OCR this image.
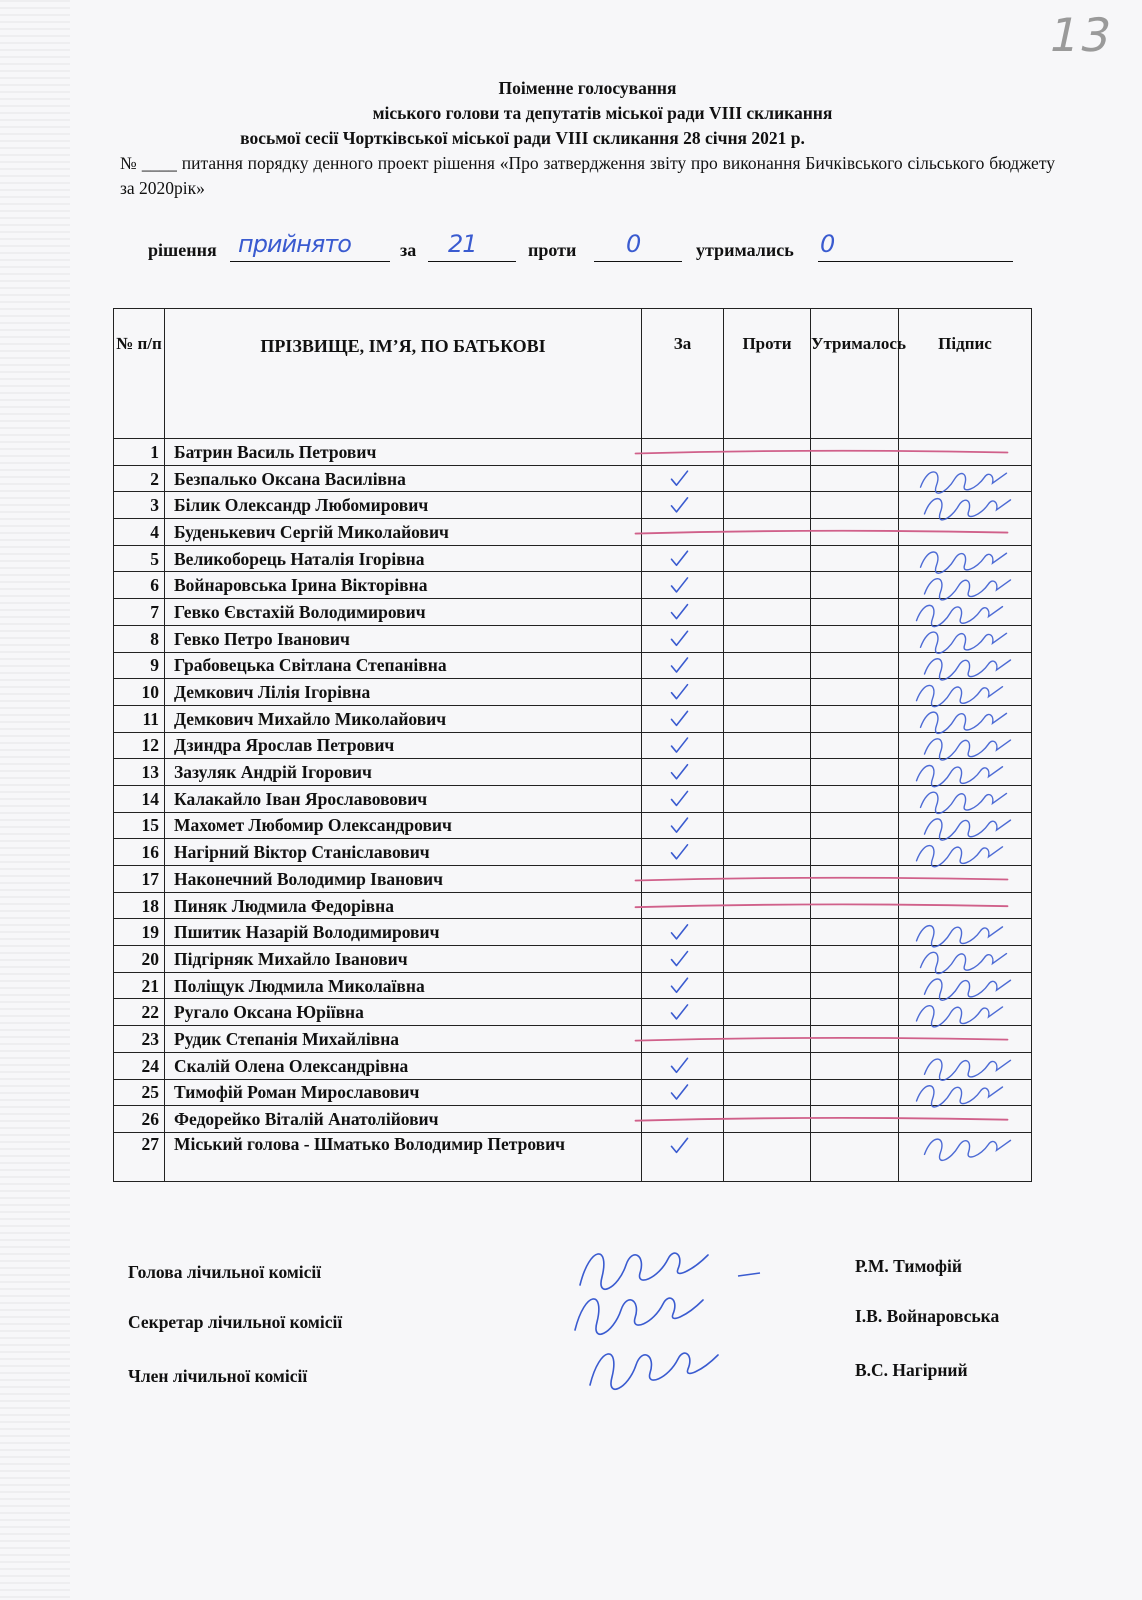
13
Поіменне голосування
міського голови та депутатів міської ради VIII скликання
восьмої сесії Чортківської міської ради VIII скликання 28 січня 2021 р.
№ ____ питання порядку денного проект рішення «Про затвердження звіту про виконання Бичківського сільського бюджету за 2020рік»
рішення прийнято	за 21	проти 0	утримались 0
№ п/п	ПРІЗВИЩЕ, ІМ’Я, ПО БАТЬКОВІ	За	Проти	Утрималось	Підпис
1	Батрин Василь Петрович				
2	Безпалько Оксана Василівна				
3	Білик Олександр Любомирович				
4	Буденькевич Сергій Миколайович				
5	Великоборець Наталія Ігорівна				
6	Войнаровська Ірина Вікторівна				
7	Гевко Євстахій Володимирович				
8	Гевко Петро Іванович				
9	Грабовецька Світлана Степанівна				
10	Демкович Лілія Ігорівна				
11	Демкович Михайло Миколайович				
12	Дзиндра Ярослав Петрович				
13	Зазуляк Андрій Ігорович				
14	Калакайло Іван Ярославовович				
15	Махомет Любомир Олександрович				
16	Нагірний Віктор Станіславович				
17	Наконечний Володимир Іванович				
18	Пиняк Людмила Федорівна				
19	Пшитик Назарій Володимирович				
20	Підгірняк Михайло Іванович				
21	Поліщук Людмила Миколаївна				
22	Ругало Оксана Юріївна				
23	Рудик Степанія Михайлівна				
24	Скалій Олена Олександрівна				
25	Тимофій Роман Мирославович				
26	Федорейко Віталій Анатолійович				
27	Міський голова - Шматько Володимир Петрович				
Голова лічильної комісії	Р.М. Тимофій
Секретар лічильної комісії	І.В. Войнаровська
Член лічильної комісії	В.С. Нагірний
